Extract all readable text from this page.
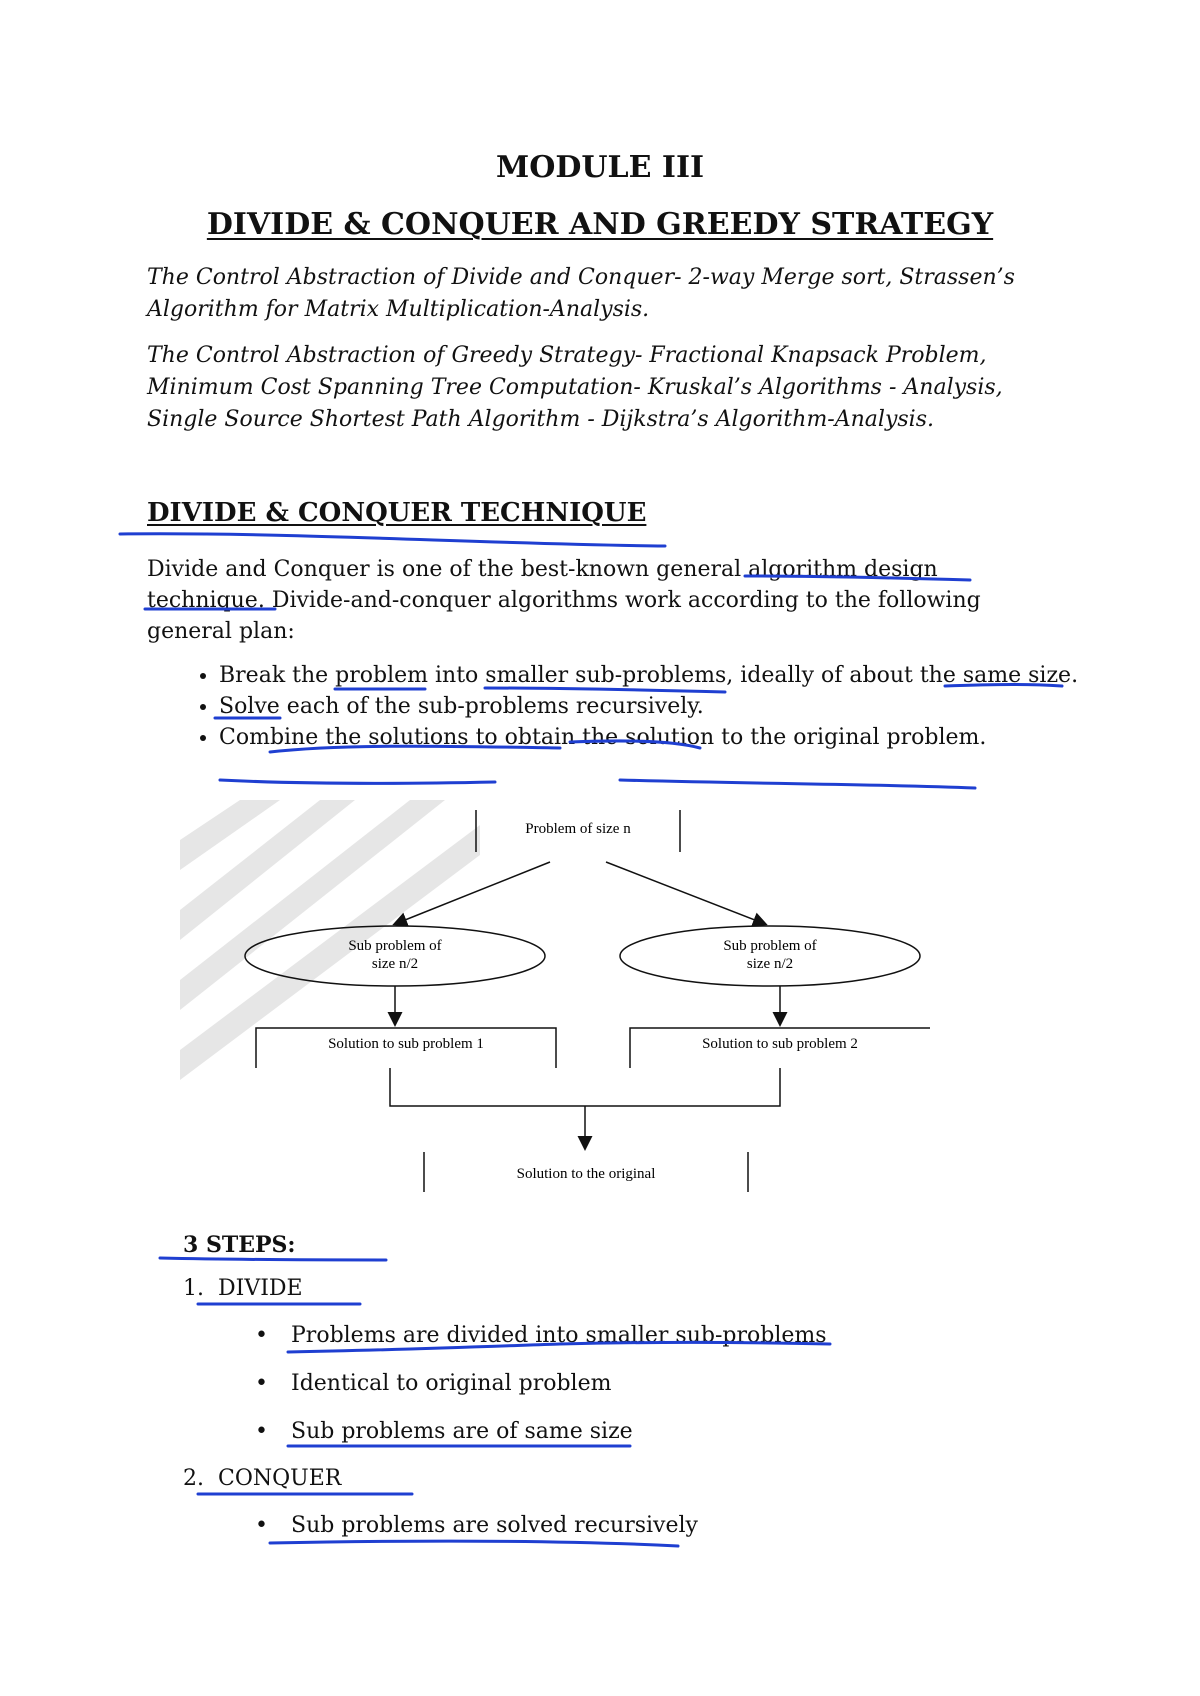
MODULE III
DIVIDE & CONQUER AND GREEDY STRATEGY
The Control Abstraction of Divide and Conquer- 2-way Merge sort, Strassen’s Algorithm for Matrix Multiplication-Analysis.
The Control Abstraction of Greedy Strategy- Fractional Knapsack Problem, Minimum Cost Spanning Tree Computation- Kruskal’s Algorithms - Analysis, Single Source Shortest Path Algorithm - Dijkstra’s Algorithm-Analysis.
DIVIDE & CONQUER TECHNIQUE
Divide and Conquer is one of the best-known general algorithm design technique. Divide-and-conquer algorithms work according to the following general plan:
• Break the problem into smaller sub-problems, ideally of about the same size.
• Solve each of the sub-problems recursively.
• Combine the solutions to obtain the solution to the original problem.
Problem of size n
Sub problem of
size n/2
Sub problem of
size n/2
Solution to sub problem 1	Solution to sub problem 2
Solution to the original
3 STEPS:
1. DIVIDE
• Problems are divided into smaller sub-problems
• Identical to original problem
• Sub problems are of same size
2. CONQUER
• Sub problems are solved recursively
